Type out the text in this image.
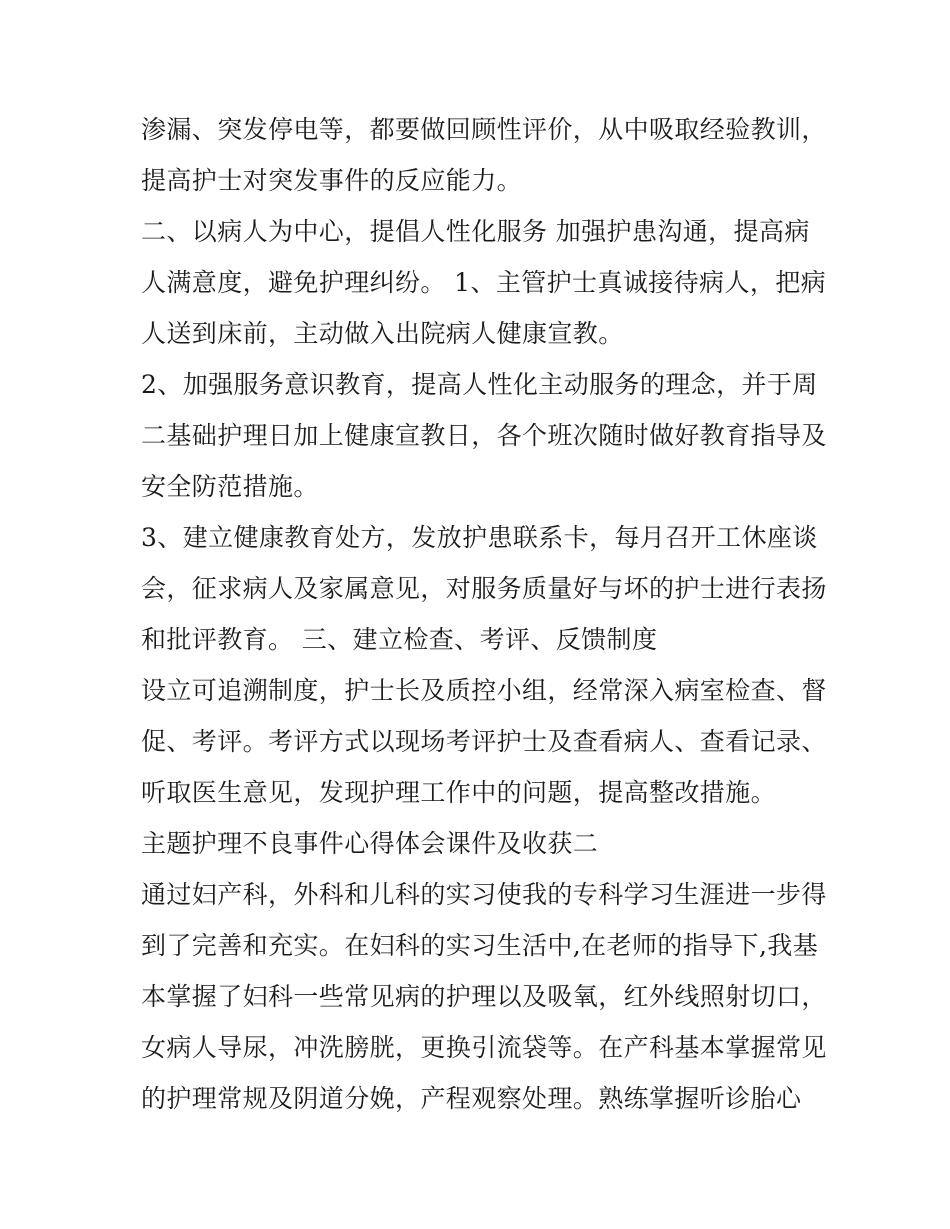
渗漏、突发停电等，都要做回顾性评价，从中吸取经验教训，
提高护士对突发事件的反应能力。
二、以病人为中心，提倡人性化服务 加强护患沟通，提高病
人满意度，避免护理纠纷。 1、主管护士真诚接待病人，把病
人送到床前，主动做入出院病人健康宣教。
2、加强服务意识教育，提高人性化主动服务的理念，并于周
二基础护理日加上健康宣教日，各个班次随时做好教育指导及
安全防范措施。
3、建立健康教育处方，发放护患联系卡，每月召开工休座谈
会，征求病人及家属意见，对服务质量好与坏的护士进行表扬
和批评教育。 三、建立检查、考评、反馈制度
设立可追溯制度，护士长及质控小组，经常深入病室检查、督
促、考评。考评方式以现场考评护士及查看病人、查看记录、
听取医生意见，发现护理工作中的问题，提高整改措施。
主题护理不良事件心得体会课件及收获二
通过妇产科，外科和儿科的实习使我的专科学习生涯进一步得
到了完善和充实。在妇科的实习生活中,在老师的指导下,我基
本掌握了妇科一些常见病的护理以及吸氧，红外线照射切口，
女病人导尿，冲洗膀胱，更换引流袋等。在产科基本掌握常见
的护理常规及阴道分娩，产程观察处理。熟练掌握听诊胎心
